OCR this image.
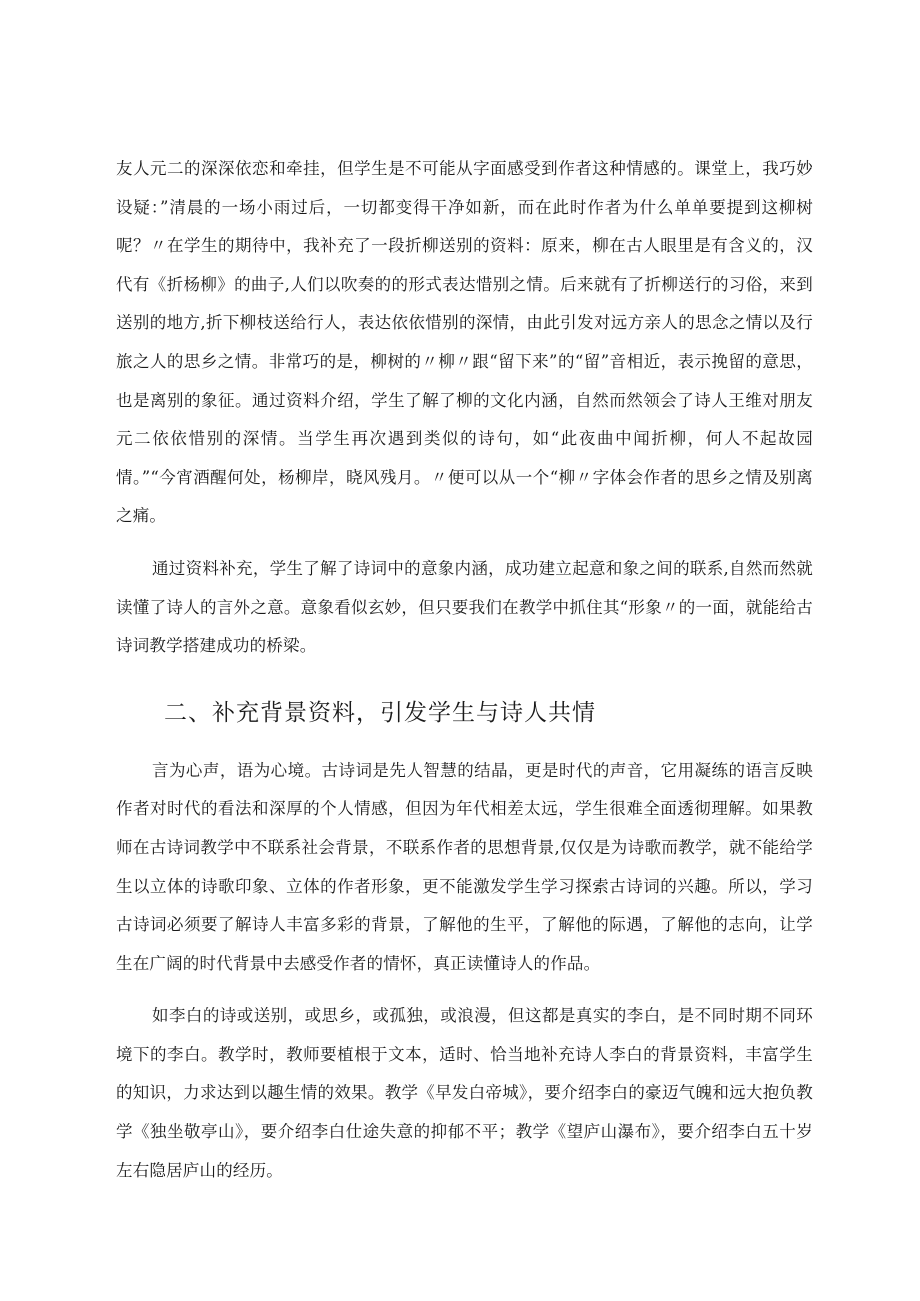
友人元二的深深依恋和牵挂，但学生是不可能从字面感受到作者这种情感的。课堂上，我巧妙设疑：”清晨的一场小雨过后，一切都变得干净如新，而在此时作者为什么单单要提到这柳树呢？〃在学生的期待中，我补充了一段折柳送别的资料：原来，柳在古人眼里是有含义的，汉代有《折杨柳》的曲子,人们以吹奏的的形式表达惜别之情。后来就有了折柳送行的习俗，来到送别的地方,折下柳枝送给行人，表达依依惜别的深情，由此引发对远方亲人的思念之情以及行旅之人的思乡之情。非常巧的是，柳树的〃柳〃跟“留下来”的“留”音相近，表示挽留的意思，也是离别的象征。通过资料介绍，学生了解了柳的文化内涵，自然而然领会了诗人王维对朋友元二依依惜别的深情。当学生再次遇到类似的诗句，如“此夜曲中闻折柳，何人不起故园情。”“今宵酒醒何处，杨柳岸，晓风残月。〃便可以从一个“柳〃字体会作者的思乡之情及别离之痛。

通过资料补充，学生了解了诗词中的意象内涵，成功建立起意和象之间的联系,自然而然就读懂了诗人的言外之意。意象看似玄妙，但只要我们在教学中抓住其“形象〃的一面，就能给古诗词教学搭建成功的桥梁。

二、补充背景资料，引发学生与诗人共情

言为心声，语为心境。古诗词是先人智慧的结晶，更是时代的声音，它用凝练的语言反映作者对时代的看法和深厚的个人情感，但因为年代相差太远，学生很难全面透彻理解。如果教师在古诗词教学中不联系社会背景，不联系作者的思想背景,仅仅是为诗歌而教学，就不能给学生以立体的诗歌印象、立体的作者形象，更不能激发学生学习探索古诗词的兴趣。所以，学习古诗词必须要了解诗人丰富多彩的背景，了解他的生平，了解他的际遇，了解他的志向，让学生在广阔的时代背景中去感受作者的情怀，真正读懂诗人的作品。

如李白的诗或送别，或思乡，或孤独，或浪漫，但这都是真实的李白，是不同时期不同环境下的李白。教学时，教师要植根于文本，适时、恰当地补充诗人李白的背景资料，丰富学生的知识，力求达到以趣生情的效果。教学《早发白帝城》，要介绍李白的豪迈气魄和远大抱负教学《独坐敬亭山》，要介绍李白仕途失意的抑郁不平；教学《望庐山瀑布》，要介绍李白五十岁左右隐居庐山的经历。
